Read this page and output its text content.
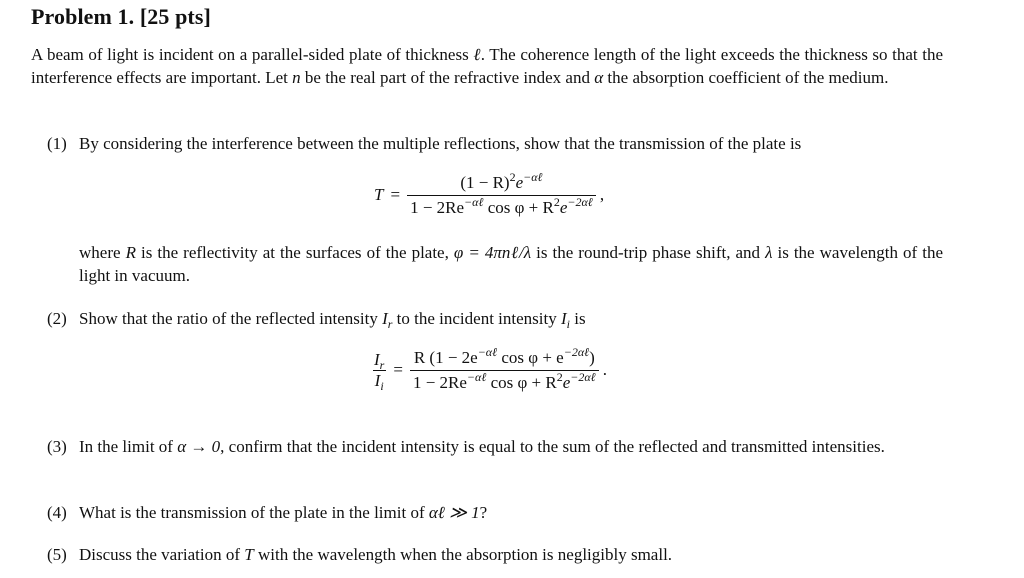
Problem 1. [25 pts]
A beam of light is incident on a parallel-sided plate of thickness ℓ. The coherence length of the light exceeds the thickness so that the interference effects are important. Let n be the real part of the refractive index and α the absorption coefficient of the medium.
(1) By considering the interference between the multiple reflections, show that the transmission of the plate is
$T = \frac{(1 - R)^2e^{-\alpha\ell}}{1 - 2Re^{-\alpha\ell} \cos \varphi + R^2e^{-2\alpha\ell}}$ ,
where R is the reflectivity at the surfaces of the plate, φ = 4πnℓ/λ is the round-trip phase shift, and λ is the wavelength of the light in vacuum.
(2) Show that the ratio of the reflected intensity $I_r$ to the incident intensity $I_i$ is
$\frac{I_r}{I_i} = \frac{R (1 - 2e^{-\alpha\ell} \cos \varphi + e^{-2\alpha\ell})}{1 - 2Re^{-\alpha\ell} \cos \varphi + R^2e^{-2\alpha\ell}}$ .
(3) In the limit of α → 0, confirm that the incident intensity is equal to the sum of the reflected and transmitted intensities.
(4) What is the transmission of the plate in the limit of αℓ ≫ 1?
(5) Discuss the variation of T with the wavelength when the absorption is negligibly small.
